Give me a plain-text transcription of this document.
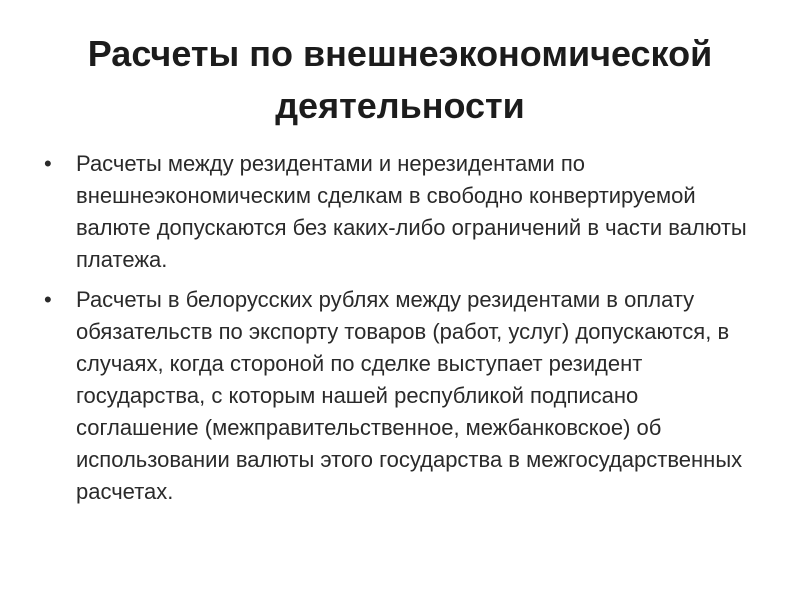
Расчеты по внешнеэкономической деятельности
• Расчеты между резидентами и нерезидентами по внешнеэкономическим сделкам в свободно конвертируемой валюте допускаются без каких-либо ограничений в части валюты платежа.
• Расчеты в белорусских рублях между резидентами в оплату обязательств по экспорту товаров (работ, услуг) допускаются, в случаях, когда стороной по сделке выступает резидент государства, с которым нашей республикой подписано соглашение (межправительственное, межбанковское) об использовании валюты этого государства в межгосударственных расчетах.
